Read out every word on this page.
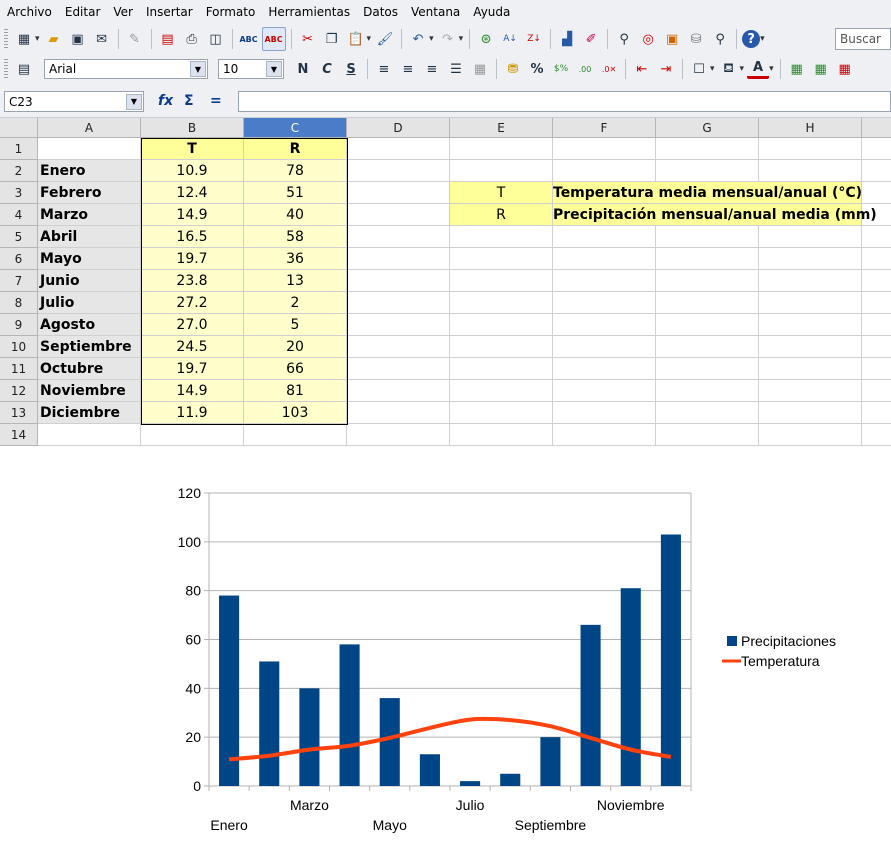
Archivo	Editar	Ver	Insertar	Formato	Herramientas	Datos	Ventana	Ayuda
▦ ▾ ▰ ▣ ✉	✎	▤ ⎙ ◫	ABC ABC	✂ ❐ 📋 ▾ 🖌	↶ ▾ ↷ ▾	⊛	A↓	Z↓	▟	✐	⚲	◎ ▣ ⛁	⚲	? ▾	Buscar
▤	Arial	▼	10	▼	N	C	S	≡	≡	≡ ☰ ▦	⛃ %	$%	.00	.0✕	⇤	⇥	☐ ▾ ⛾ ▾ A ▾	▦ ▦ ▦
C23	▼	fx Σ =
A	B	C	D	E	F	G	H
1
2
3
4
5
6
7
8
9
10
11
12
13
14
T	R
Enero	10.9	78
Febrero	12.4	51
Marzo	14.9	40
Abril	16.5	58
Mayo	19.7	36
Junio	23.8	13
Julio	27.2	2
Agosto	27.0	5
Septiembre	24.5	20
Octubre	19.7	66
Noviembre	14.9	81
Diciembre	11.9	103
T	Temperatura media mensual/anual (°C)
R	Precipitación mensual/anual media (mm)
0
20
40
60
80
100
120
Enero
Marzo
Mayo
Julio
Septiembre
Noviembre
Precipitaciones
Temperatura
